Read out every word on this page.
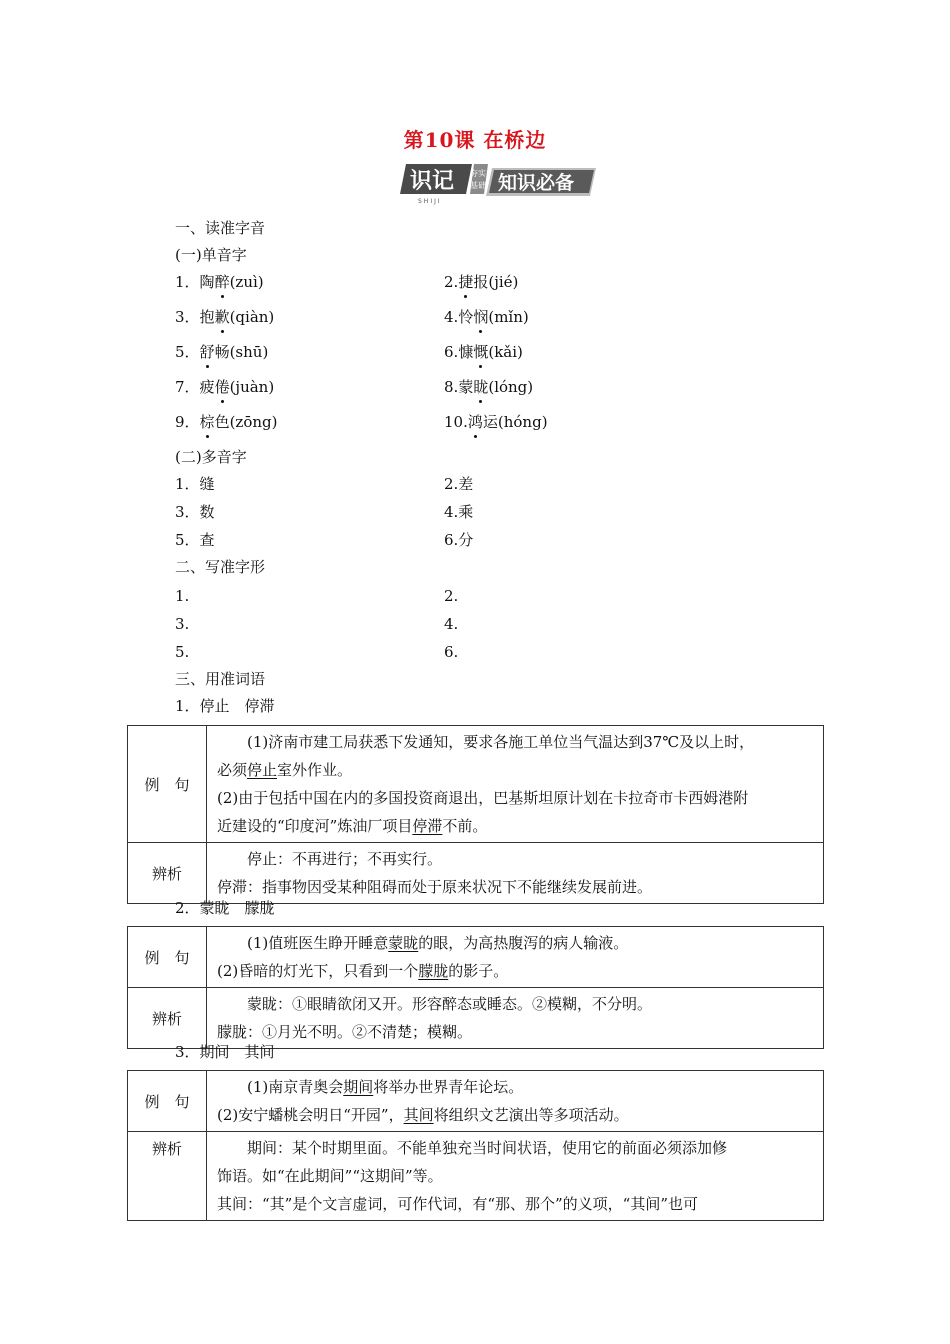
第10课 在桥边
识记 夯实
基础 知识必备
SHIJI
一、读准字音
(一)单音字
1．陶醉(zuì)	2.捷报(jié)
3．抱歉(qiàn)	4.怜悯(mǐn)
5．舒畅(shū)	6.慷慨(kǎi)
7．疲倦(juàn)	8.蒙眬(lóng)
9．棕色(zōng)	10.鸿运(hóng)
(二)多音字
1．缝	2.差
3．数	4.乘
5．查	6.分
二、写准字形
1.	2.
3.	4.
5.	6.
三、用准词语
1．停止　停滞
例　句	(1)济南市建工局获悉下发通知，要求各施工单位当气温达到37℃及以上时，
必须停止室外作业。
(2)由于包括中国在内的多国投资商退出，巴基斯坦原计划在卡拉奇市卡西姆港附
近建设的“印度河”炼油厂项目停滞不前。

辨析	停止：不再进行；不再实行。
停滞：指事物因受某种阻碍而处于原来状况下不能继续发展前进。
2．蒙眬　朦胧
例　句	(1)值班医生睁开睡意蒙眬的眼，为高热腹泻的病人输液。
(2)昏暗的灯光下，只看到一个朦胧的影子。

辨析	蒙眬：①眼睛欲闭又开。形容醉态或睡态。②模糊，不分明。
朦胧：①月光不明。②不清楚；模糊。
3．期间　其间
例　句	(1)南京青奥会期间将举办世界青年论坛。
(2)安宁蟠桃会明日“开园”，其间将组织文艺演出等多项活动。

辨析	期间：某个时期里面。不能单独充当时间状语，使用它的前面必须添加修
饰语。如“在此期间”“这期间”等。
其间：“其”是个文言虚词，可作代词，有“那、那个”的义项，“其间”也可
